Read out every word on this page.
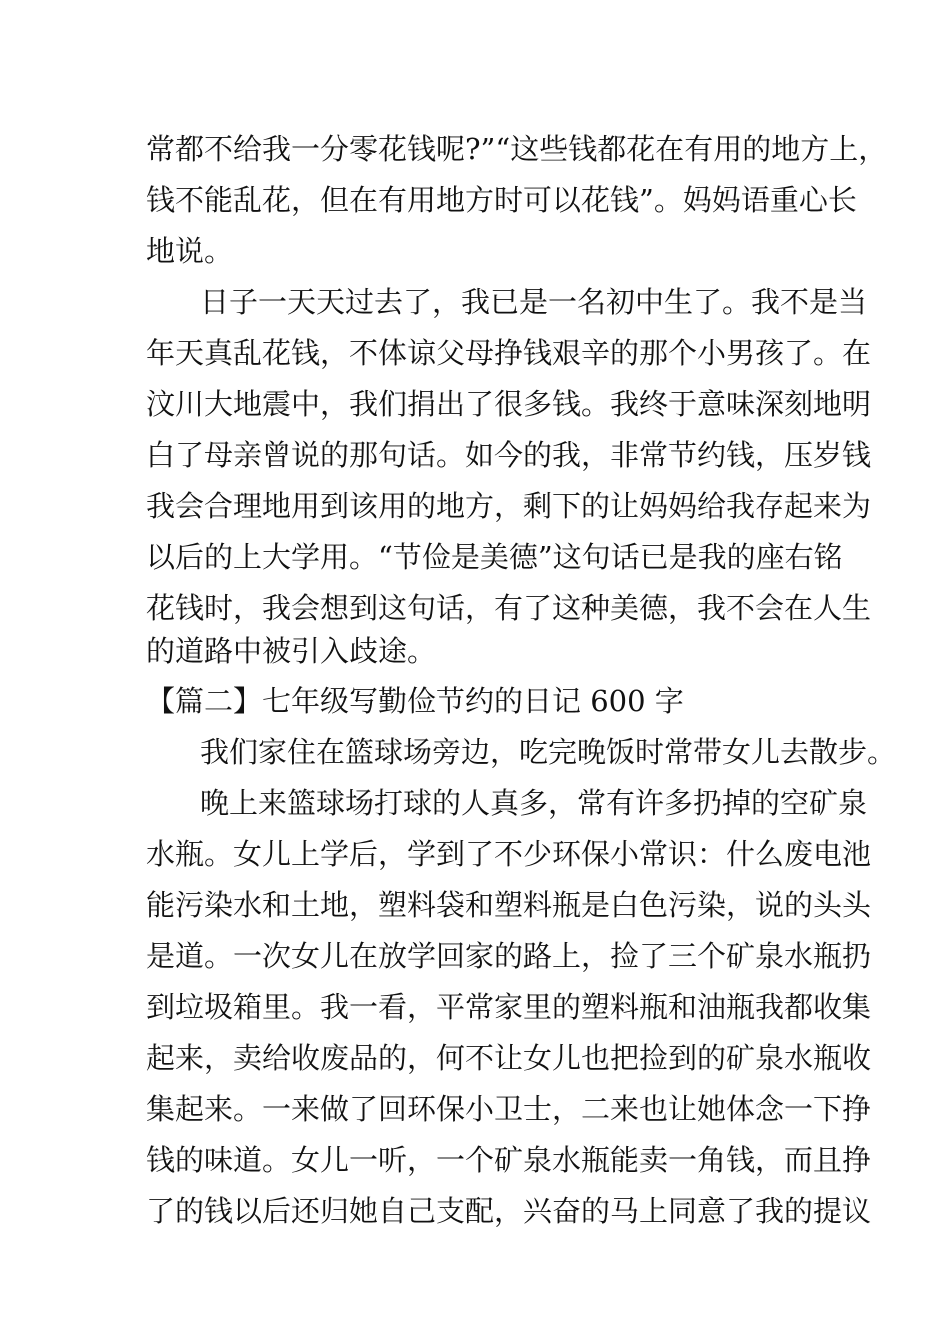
常都不给我一分零花钱呢?”“这些钱都花在有用的地方上，
钱不能乱花，但在有用地方时可以花钱”。妈妈语重心长
地说。
日子一天天过去了，我已是一名初中生了。我不是当
年天真乱花钱，不体谅父母挣钱艰辛的那个小男孩了。在
汶川大地震中，我们捐出了很多钱。我终于意味深刻地明
白了母亲曾说的那句话。如今的我，非常节约钱，压岁钱
我会合理地用到该用的地方，剩下的让妈妈给我存起来为
以后的上大学用。“节俭是美德”这句话已是我的座右铭
花钱时，我会想到这句话，有了这种美德，我不会在人生
的道路中被引入歧途。
【篇二】七年级写勤俭节约的日记 600 字
我们家住在篮球场旁边，吃完晚饭时常带女儿去散步。
晚上来篮球场打球的人真多，常有许多扔掉的空矿泉
水瓶。女儿上学后，学到了不少环保小常识：什么废电池
能污染水和土地，塑料袋和塑料瓶是白色污染，说的头头
是道。一次女儿在放学回家的路上，捡了三个矿泉水瓶扔
到垃圾箱里。我一看，平常家里的塑料瓶和油瓶我都收集
起来，卖给收废品的，何不让女儿也把捡到的矿泉水瓶收
集起来。一来做了回环保小卫士，二来也让她体念一下挣
钱的味道。女儿一听，一个矿泉水瓶能卖一角钱，而且挣
了的钱以后还归她自己支配，兴奋的马上同意了我的提议
